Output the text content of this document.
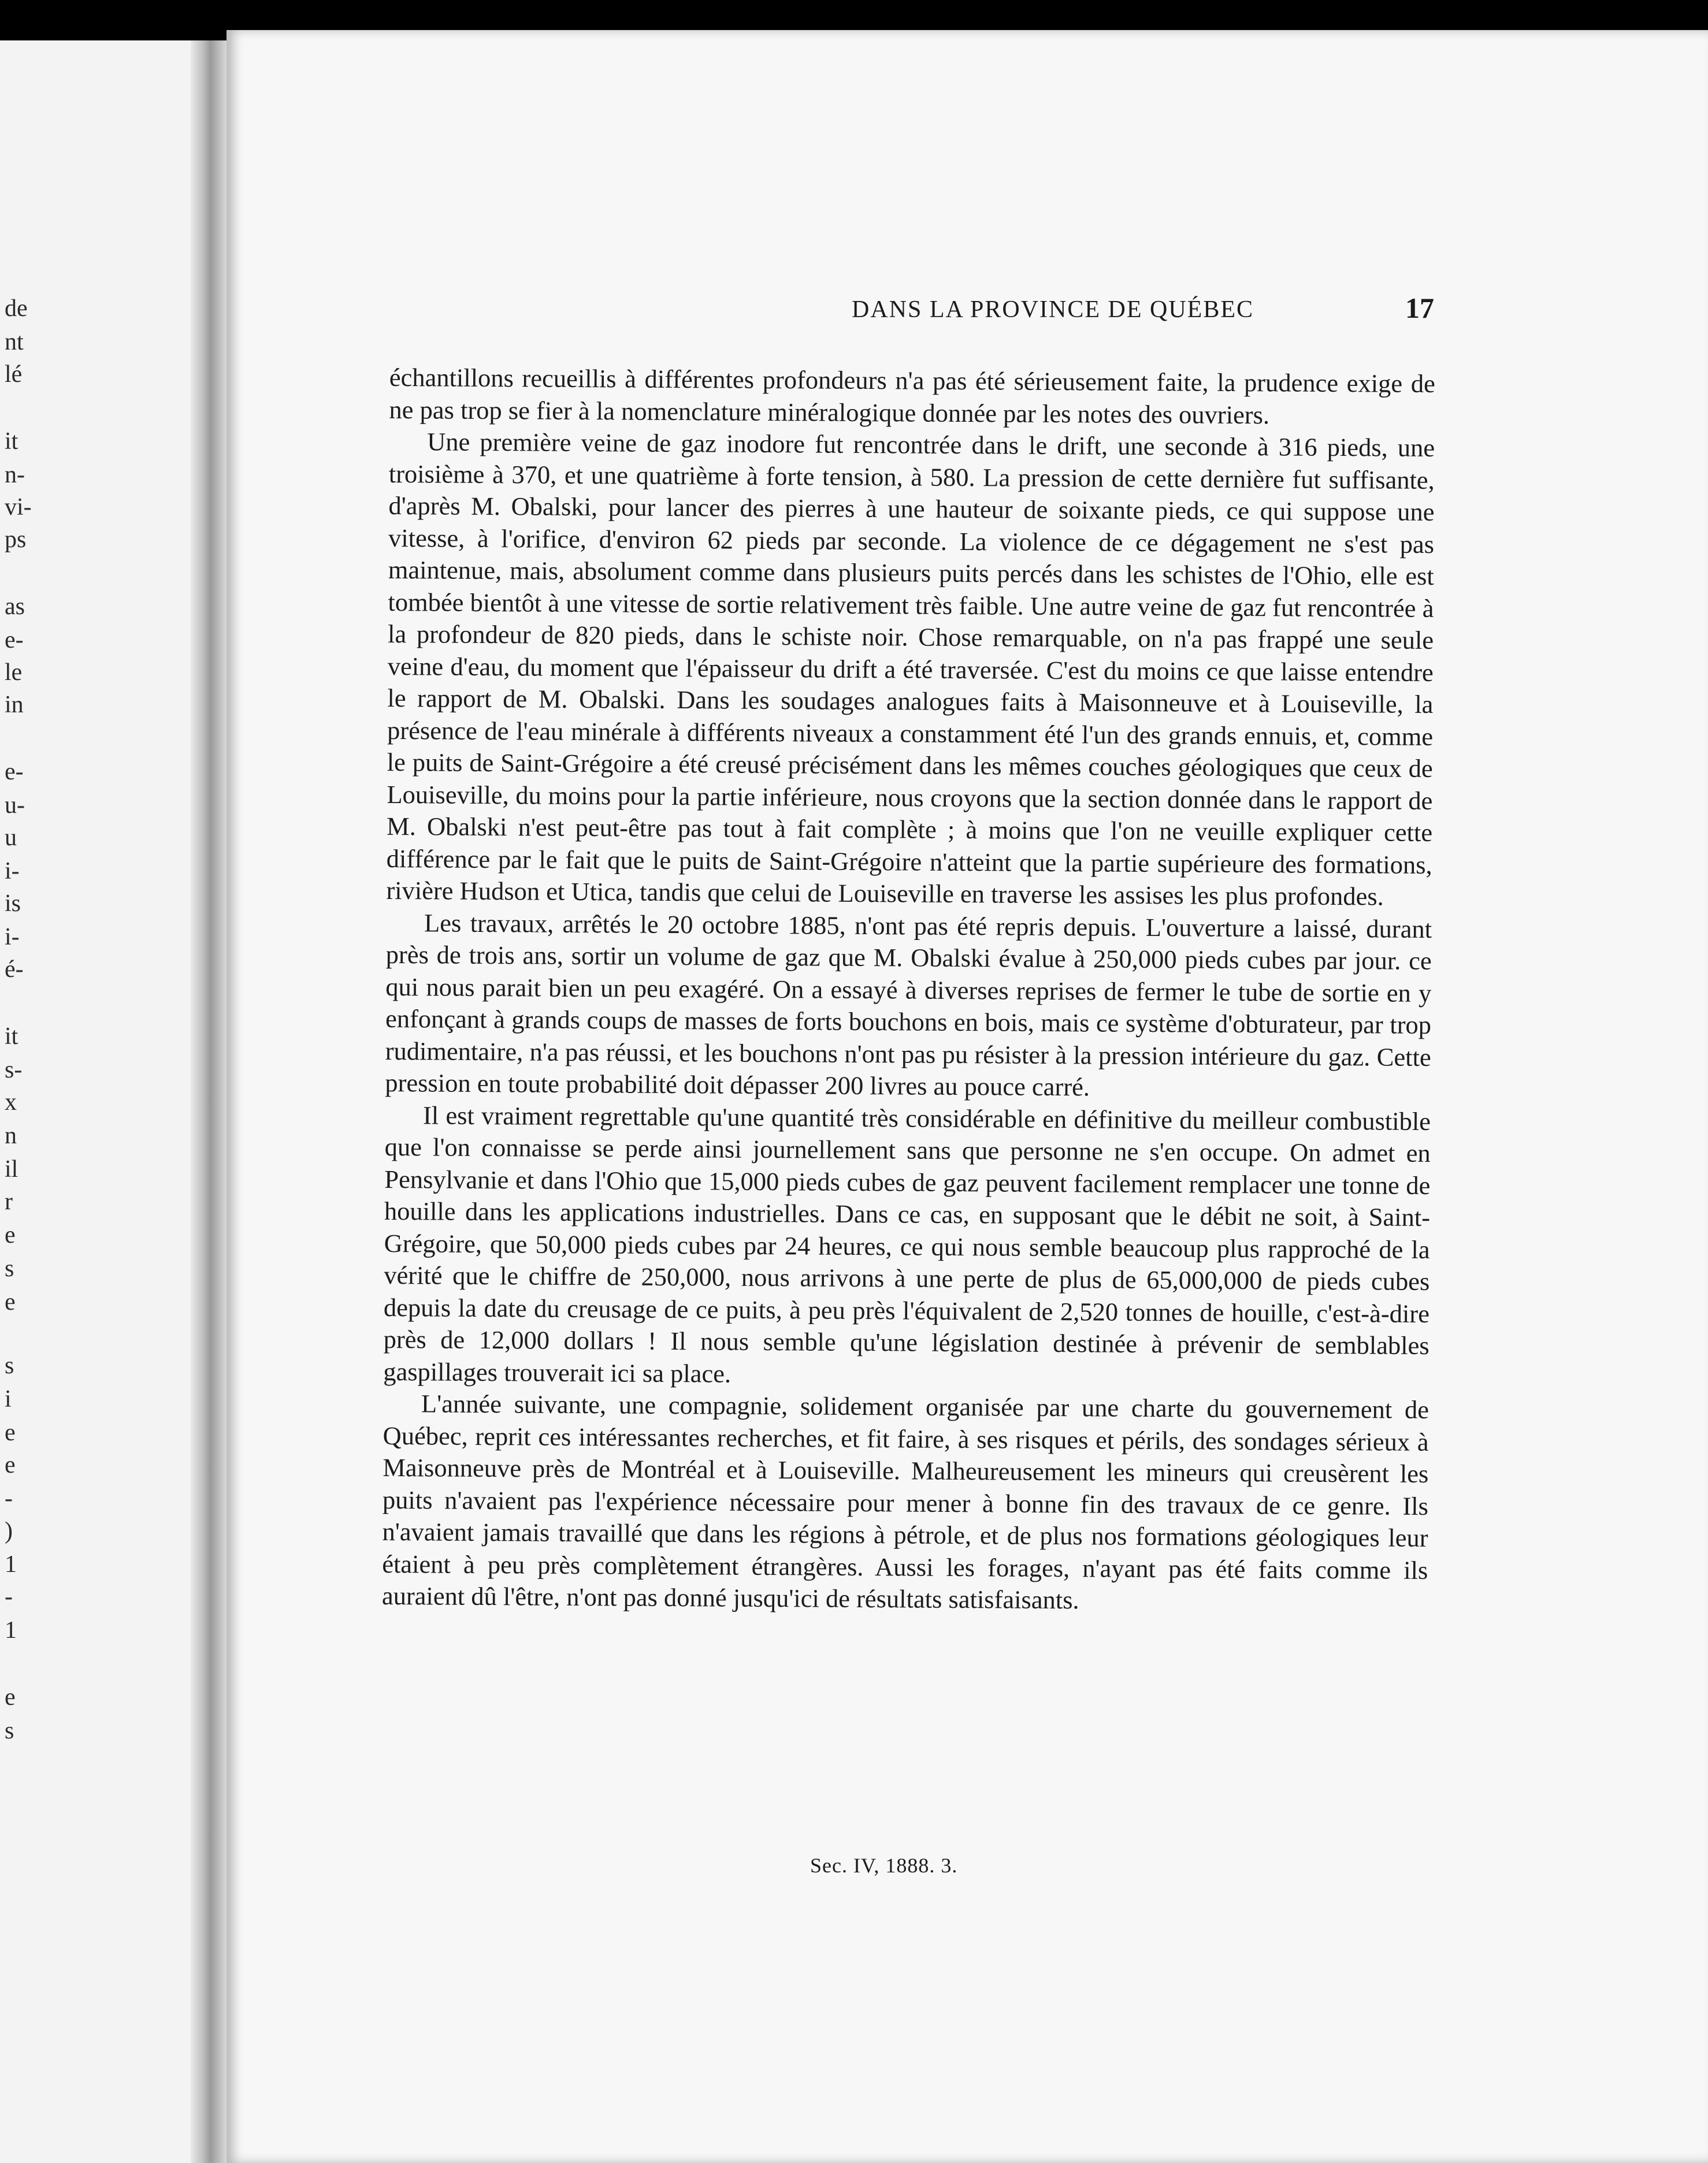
de
nt
lé
it
n-
vi-
ps
as
e-
le
in
e-
u-
u
i-
is
i-
é-
it
s-
x
n
il
r
e
s
e
s
i
e
e
-
)
1
-
1
e
s
DANS LA PROVINCE DE QUÉBEC	17

échantillons recueillis à différentes profondeurs n'a pas été sérieusement faite, la prudence exige de ne pas trop se fier à la nomenclature minéralogique donnée par les notes des ouvriers.

Une première veine de gaz inodore fut rencontrée dans le drift, une seconde à 316 pieds, une troisième à 370, et une quatrième à forte tension, à 580. La pression de cette dernière fut suffisante, d'après M. Obalski, pour lancer des pierres à une hauteur de soixante pieds, ce qui suppose une vitesse, à l'orifice, d'environ 62 pieds par seconde. La violence de ce dégagement ne s'est pas maintenue, mais, absolument comme dans plusieurs puits percés dans les schistes de l'Ohio, elle est tombée bientôt à une vitesse de sortie relativement très faible. Une autre veine de gaz fut rencontrée à la profondeur de 820 pieds, dans le schiste noir. Chose remarquable, on n'a pas frappé une seule veine d'eau, du moment que l'épaisseur du drift a été traversée. C'est du moins ce que laisse entendre le rapport de M. Obalski. Dans les soudages analogues faits à Maisonneuve et à Louiseville, la présence de l'eau minérale à différents niveaux a constamment été l'un des grands ennuis, et, comme le puits de Saint-Grégoire a été creusé précisément dans les mêmes couches géologiques que ceux de Louiseville, du moins pour la partie inférieure, nous croyons que la section donnée dans le rapport de M. Obalski n'est peut-être pas tout à fait complète ; à moins que l'on ne veuille expliquer cette différence par le fait que le puits de Saint-Grégoire n'atteint que la partie supérieure des formations, rivière Hudson et Utica, tandis que celui de Louiseville en traverse les assises les plus profondes.

Les travaux, arrêtés le 20 octobre 1885, n'ont pas été repris depuis. L'ouverture a laissé, durant près de trois ans, sortir un volume de gaz que M. Obalski évalue à 250,000 pieds cubes par jour. ce qui nous parait bien un peu exagéré. On a essayé à diverses reprises de fermer le tube de sortie en y enfonçant à grands coups de masses de forts bouchons en bois, mais ce système d'obturateur, par trop rudimentaire, n'a pas réussi, et les bouchons n'ont pas pu résister à la pression intérieure du gaz. Cette pression en toute probabilité doit dépasser 200 livres au pouce carré.

Il est vraiment regrettable qu'une quantité très considérable en définitive du meilleur combustible que l'on connaisse se perde ainsi journellement sans que personne ne s'en occupe. On admet en Pensylvanie et dans l'Ohio que 15,000 pieds cubes de gaz peuvent facilement remplacer une tonne de houille dans les applications industrielles. Dans ce cas, en supposant que le débit ne soit, à Saint-Grégoire, que 50,000 pieds cubes par 24 heures, ce qui nous semble beaucoup plus rapproché de la vérité que le chiffre de 250,000, nous arrivons à une perte de plus de 65,000,000 de pieds cubes depuis la date du creusage de ce puits, à peu près l'équivalent de 2,520 tonnes de houille, c'est-à-dire près de 12,000 dollars ! Il nous semble qu'une législation destinée à prévenir de semblables gaspillages trouverait ici sa place.

L'année suivante, une compagnie, solidement organisée par une charte du gouvernement de Québec, reprit ces intéressantes recherches, et fit faire, à ses risques et périls, des sondages sérieux à Maisonneuve près de Montréal et à Louiseville. Malheureusement les mineurs qui creusèrent les puits n'avaient pas l'expérience nécessaire pour mener à bonne fin des travaux de ce genre. Ils n'avaient jamais travaillé que dans les régions à pétrole, et de plus nos formations géologiques leur étaient à peu près complètement étrangères. Aussi les forages, n'ayant pas été faits comme ils auraient dû l'être, n'ont pas donné jusqu'ici de résultats satisfaisants.

Sec. IV, 1888. 3.
